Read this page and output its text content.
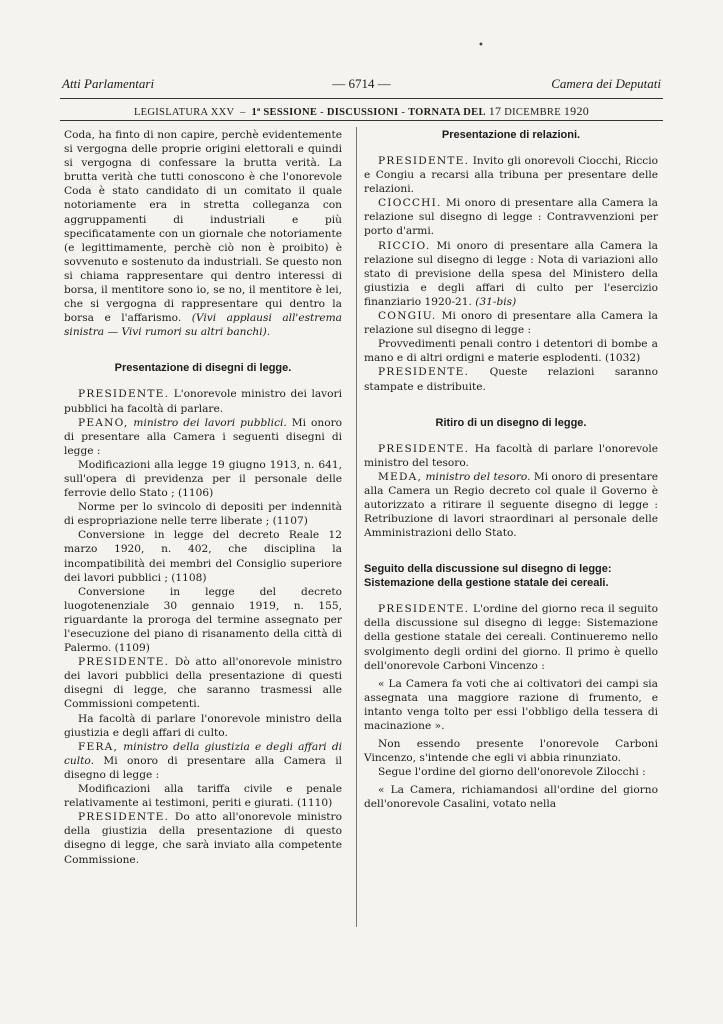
•
Atti Parlamentari	— 6714 —	Camera dei Deputati
LEGISLATURA XXV  –  1ª SESSIONE - DISCUSSIONI - TORNATA DEL 17 DICEMBRE 1920

Coda, ha finto di non capire, perchè evidentemente si vergogna delle proprie origini elettorali e quindi si vergogna di confessare la brutta verità. La brutta verità che tutti conoscono è che l'onorevole Coda è stato candidato di un comitato il quale notoriamente era in stretta colleganza con aggruppamenti di industriali e più specificatamente con un giornale che notoriamente (e legittimamente, perchè ciò non è proibito) è sovvenuto e sostenuto da industriali. Se questo non si chiama rappresentare qui dentro interessi di borsa, il mentitore sono io, se no, il mentitore è lei, che si vergogna di rappresentare qui dentro la borsa e l'affarismo. (Vivi applausi all'estrema sinistra — Vivi rumori su altri banchi).

Presentazione di disegni di legge.

PRESIDENTE. L'onorevole ministro dei lavori pubblici ha facoltà di parlare.

PEANO, ministro dei lavori pubblici. Mi onoro di presentare alla Camera i seguenti disegni di legge :

Modificazioni alla legge 19 giugno 1913, n. 641, sull'opera di previdenza per il personale delle ferrovie dello Stato ; (1106)

Norme per lo svincolo di depositi per indennità di espropriazione nelle terre liberate ; (1107)

Conversione in legge del decreto Reale 12 marzo 1920, n. 402, che disciplina la incompatibilità dei membri del Consiglio superiore dei lavori pubblici ; (1108)

Conversione in legge del decreto luogotenenziale 30 gennaio 1919, n. 155, riguardante la proroga del termine assegnato per l'esecuzione del piano di risanamento della città di Palermo. (1109)

PRESIDENTE. Dò atto all'onorevole ministro dei lavori pubblici della presentazione di questi disegni di legge, che saranno trasmessi alle Commissioni competenti.

Ha facoltà di parlare l'onorevole ministro della giustizia e degli affari di culto.

FERA, ministro della giustizia e degli affari di culto. Mi onoro di presentare alla Camera il disegno di legge :

Modificazioni alla tariffa civile e penale relativamente ai testimoni, periti e giurati. (1110)

PRESIDENTE. Do atto all'onorevole ministro della giustizia della presentazione di questo disegno di legge, che sarà inviato alla competente Commissione.

Presentazione di relazioni.

PRESIDENTE. Invito gli onorevoli Ciocchi, Riccio e Congiu a recarsi alla tribuna per presentare delle relazioni.

CIOCCHI. Mi onoro di presentare alla Camera la relazione sul disegno di legge : Contravvenzioni per porto d'armi.

RICCIO. Mi onoro di presentare alla Camera la relazione sul disegno di legge : Nota di variazioni allo stato di previsione della spesa del Ministero della giustizia e degli affari di culto per l'esercizio finanziario 1920-21. (31-bis)

CONGIU. Mi onoro di presentare alla Camera la relazione sul disegno di legge :

Provvedimenti penali contro i detentori di bombe a mano e di altri ordigni e materie esplodenti. (1032)

PRESIDENTE. Queste relazioni saranno stampate e distribuite.

Ritiro di un disegno di legge.

PRESIDENTE. Ha facoltà di parlare l'onorevole ministro del tesoro.

MEDA, ministro del tesoro. Mi onoro di presentare alla Camera un Regio decreto col quale il Governo è autorizzato a ritirare il seguente disegno di legge : Retribuzione di lavori straordinari al personale delle Amministrazioni dello Stato.

Seguito della discussione sul disegno di legge: Sistemazione della gestione statale dei cereali.

PRESIDENTE. L'ordine del giorno reca il seguito della discussione sul disegno di legge: Sistemazione della gestione statale dei cereali. Continueremo nello svolgimento degli ordini del giorno. Il primo è quello dell'onorevole Carboni Vincenzo :

« La Camera fa voti che ai coltivatori dei campi sia assegnata una maggiore razione di frumento, e intanto venga tolto per essi l'obbligo della tessera di macinazione ».

Non essendo presente l'onorevole Carboni Vincenzo, s'intende che egli vi abbia rinunziato.

Segue l'ordine del giorno dell'onorevole Zilocchi :

« La Camera, richiamandosi all'ordine del giorno dell'onorevole Casalini, votato nella
